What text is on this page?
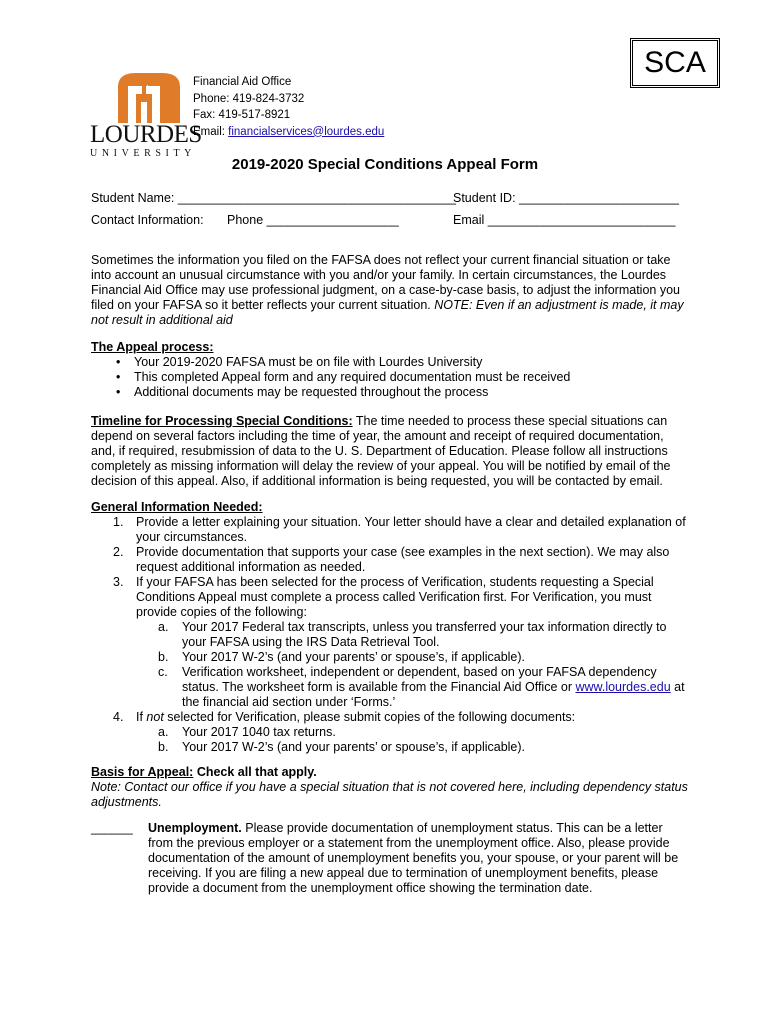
SCA
LOURDES
UNIVERSITY
Financial Aid Office
Phone: 419-824-3732
Fax: 419-517-8921
Email: financialservices@lourdes.edu
2019-2020 Special Conditions Appeal Form
Student Name: ________________________________________
Student ID: _______________________
Contact Information: Phone ___________________	Email ___________________________
Sometimes the information you filed on the FAFSA does not reflect your current financial situation or take into account an unusual circumstance with you and/or your family. In certain circumstances, the Lourdes Financial Aid Office may use professional judgment, on a case-by-case basis, to adjust the information you filed on your FAFSA so it better reflects your current situation. NOTE: Even if an adjustment is made, it may not result in additional aid
The Appeal process:
• Your 2019-2020 FAFSA must be on file with Lourdes University
• This completed Appeal form and any required documentation must be received
• Additional documents may be requested throughout the process
Timeline for Processing Special Conditions: The time needed to process these special situations can depend on several factors including the time of year, the amount and receipt of required documentation, and, if required, resubmission of data to the U. S. Department of Education. Please follow all instructions completely as missing information will delay the review of your appeal. You will be notified by email of the decision of this appeal. Also, if additional information is being requested, you will be contacted by email.
General Information Needed:
1. Provide a letter explaining your situation. Your letter should have a clear and detailed explanation of your circumstances.
2. Provide documentation that supports your case (see examples in the next section). We may also request additional information as needed.
3. If your FAFSA has been selected for the process of Verification, students requesting a Special Conditions Appeal must complete a process called Verification first. For Verification, you must provide copies of the following:
a. Your 2017 Federal tax transcripts, unless you transferred your tax information directly to your FAFSA using the IRS Data Retrieval Tool.
b. Your 2017 W-2’s (and your parents’ or spouse’s, if applicable).
c. Verification worksheet, independent or dependent, based on your FAFSA dependency status. The worksheet form is available from the Financial Aid Office or www.lourdes.edu at the financial aid section under ‘Forms.’
4. If not selected for Verification, please submit copies of the following documents:
a. Your 2017 1040 tax returns.
b. Your 2017 W-2’s (and your parents’ or spouse’s, if applicable).
Basis for Appeal: Check all that apply.
Note: Contact our office if you have a special situation that is not covered here, including dependency status adjustments.
______ Unemployment. Please provide documentation of unemployment status. This can be a letter from the previous employer or a statement from the unemployment office. Also, please provide documentation of the amount of unemployment benefits you, your spouse, or your parent will be receiving. If you are filing a new appeal due to termination of unemployment benefits, please provide a document from the unemployment office showing the termination date.
